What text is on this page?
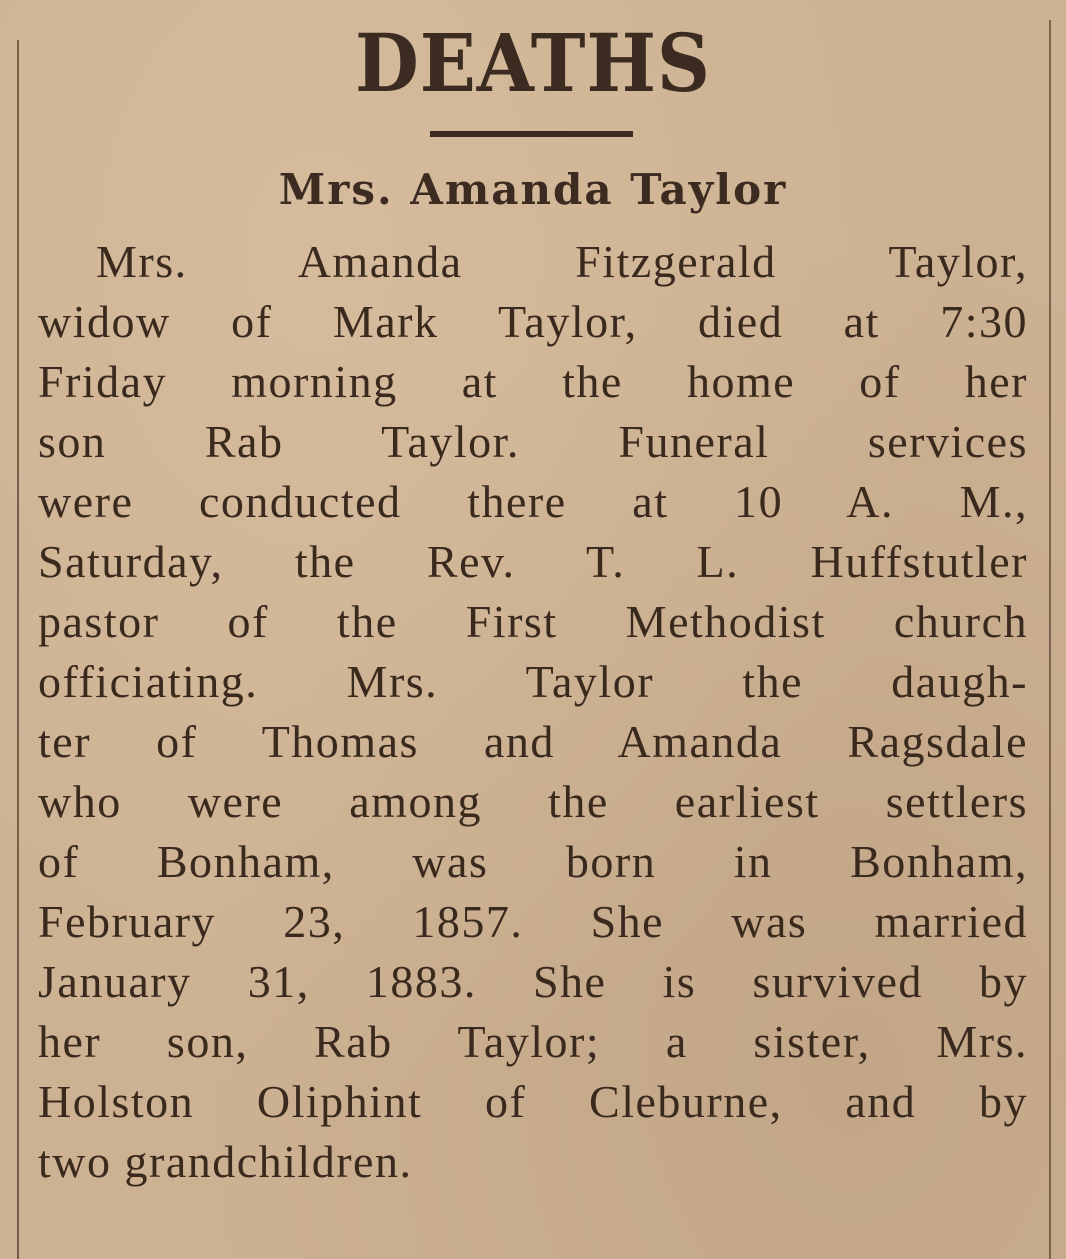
DEATHS
Mrs. Amanda Taylor
Mrs. Amanda Fitzgerald Taylor,
widow of Mark Taylor, died at 7:30
Friday morning at the home of her
son Rab Taylor. Funeral services
were conducted there at 10 A. M.,
Saturday, the Rev. T. L. Huffstutler
pastor of the First Methodist church
officiating. Mrs. Taylor the daugh-
ter of Thomas and Amanda Ragsdale
who were among the earliest settlers
of Bonham, was born in Bonham,
February 23, 1857. She was married
January 31, 1883. She is survived by
her son, Rab Taylor; a sister, Mrs.
Holston Oliphint of Cleburne, and by
two grandchildren.
